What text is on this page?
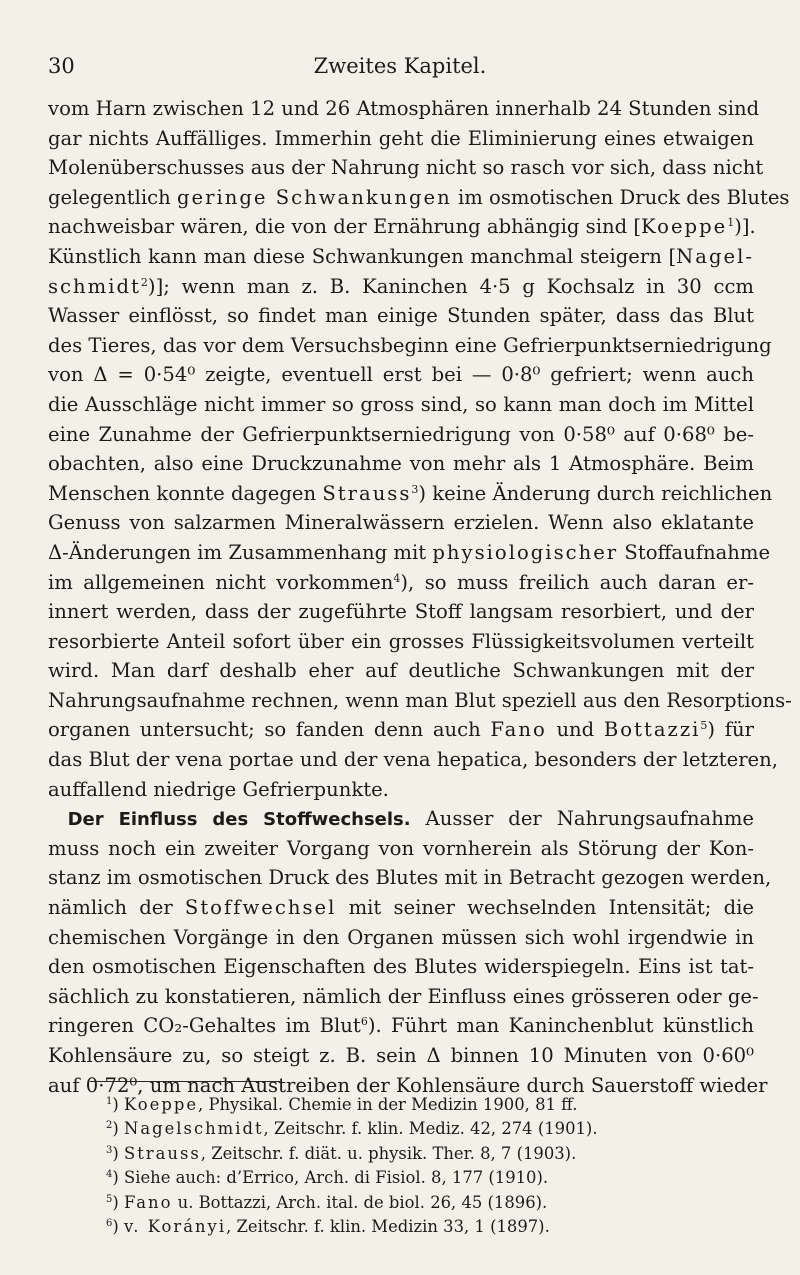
30	Zweites Kapitel.
vom Harn zwischen 12 und 26 Atmosphären innerhalb 24 Stunden sind
gar nichts Auffälliges. Immerhin geht die Eliminierung eines etwaigen
Molenüberschusses aus der Nahrung nicht so rasch vor sich, dass nicht
gelegentlich geringe Schwankungen im osmotischen Druck des Blutes
nachweisbar wären, die von der Ernährung abhängig sind [Koeppe$^1$)].
Künstlich kann man diese Schwankungen manchmal steigern [Nagel-
schmidt$^2$)]; wenn man z. B. Kaninchen 4·5 g Kochsalz in 30 ccm
Wasser einflösst, so findet man einige Stunden später, dass das Blut
des Tieres, das vor dem Versuchsbeginn eine Gefrierpunktserniedrigung
von Δ = 0·54⁰ zeigte, eventuell erst bei — 0·8⁰ gefriert; wenn auch
die Ausschläge nicht immer so gross sind, so kann man doch im Mittel
eine Zunahme der Gefrierpunktserniedrigung von 0·58⁰ auf 0·68⁰ be-
obachten, also eine Druckzunahme von mehr als 1 Atmosphäre. Beim
Menschen konnte dagegen Strauss$^3$) keine Änderung durch reichlichen
Genuss von salzarmen Mineralwässern erzielen. Wenn also eklatante
Δ-Änderungen im Zusammenhang mit physiologischer Stoffaufnahme
im allgemeinen nicht vorkommen$^4$), so muss freilich auch daran er-
innert werden, dass der zugeführte Stoff langsam resorbiert, und der
resorbierte Anteil sofort über ein grosses Flüssigkeitsvolumen verteilt
wird. Man darf deshalb eher auf deutliche Schwankungen mit der
Nahrungsaufnahme rechnen, wenn man Blut speziell aus den Resorptions-
organen untersucht; so fanden denn auch Fano und Bottazzi$^5$) für
das Blut der vena portae und der vena hepatica, besonders der letzteren,
auffallend niedrige Gefrierpunkte.
 Der Einfluss des Stoffwechsels. Ausser der Nahrungsaufnahme
muss noch ein zweiter Vorgang von vornherein als Störung der Kon-
stanz im osmotischen Druck des Blutes mit in Betracht gezogen werden,
nämlich der Stoffwechsel mit seiner wechselnden Intensität; die
chemischen Vorgänge in den Organen müssen sich wohl irgendwie in
den osmotischen Eigenschaften des Blutes widerspiegeln. Eins ist tat-
sächlich zu konstatieren, nämlich der Einfluss eines grösseren oder ge-
ringeren CO₂-Gehaltes im Blut$^6$). Führt man Kaninchenblut künstlich
Kohlensäure zu, so steigt z. B. sein Δ binnen 10 Minuten von 0·60⁰
auf 0·72⁰, um nach Austreiben der Kohlensäure durch Sauerstoff wieder
$^1$) Koeppe, Physikal. Chemie in der Medizin 1900, 81 ff.
$^2$) Nagelschmidt, Zeitschr. f. klin. Mediz. 42, 274 (1901).
$^3$) Strauss, Zeitschr. f. diät. u. physik. Ther. 8, 7 (1903).
$^4$) Siehe auch: d’Errico, Arch. di Fisiol. 8, 177 (1910).
$^5$) Fano u. Bottazzi, Arch. ital. de biol. 26, 45 (1896).
$^6$) v. Korányi, Zeitschr. f. klin. Medizin 33, 1 (1897).
